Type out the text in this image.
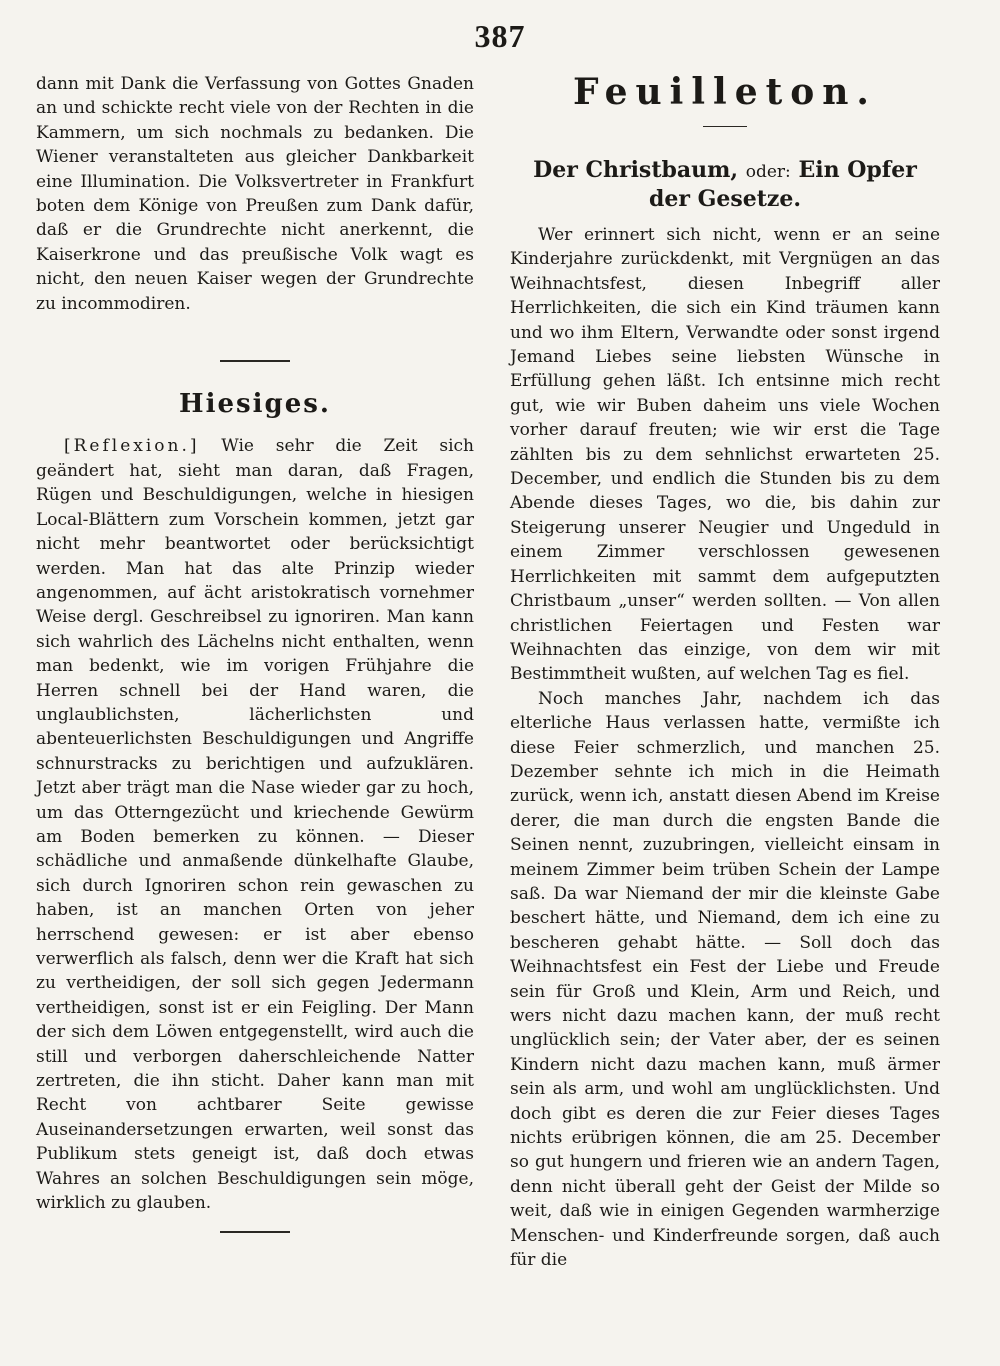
387

dann mit Dank die Verfassung von Gottes Gnaden an und schickte recht viele von der Rechten in die Kammern, um sich nochmals zu bedanken. Die Wiener veranstalteten aus gleicher Dankbarkeit eine Illumination. Die Volksvertreter in Frankfurt boten dem Könige von Preußen zum Dank dafür, daß er die Grundrechte nicht anerkennt, die Kaiserkrone und das preußische Volk wagt es nicht, den neuen Kaiser wegen der Grundrechte zu incommodiren.

Hiesiges.

[Reflexion.] Wie sehr die Zeit sich geändert hat, sieht man daran, daß Fragen, Rügen und Beschuldigungen, welche in hiesigen Local-Blättern zum Vorschein kommen, jetzt gar nicht mehr beantwortet oder berücksichtigt werden. Man hat das alte Prinzip wieder angenommen, auf ächt aristokratisch vornehmer Weise dergl. Geschreibsel zu ignoriren. Man kann sich wahrlich des Lächelns nicht enthalten, wenn man bedenkt, wie im vorigen Frühjahre die Herren schnell bei der Hand waren, die unglaublichsten, lächerlichsten und abenteuerlichsten Beschuldigungen und Angriffe schnurstracks zu berichtigen und aufzuklären. Jetzt aber trägt man die Nase wieder gar zu hoch, um das Otterngezücht und kriechende Gewürm am Boden bemerken zu können. — Dieser schädliche und anmaßende dünkelhafte Glaube, sich durch Ignoriren schon rein gewaschen zu haben, ist an manchen Orten von jeher herrschend gewesen: er ist aber ebenso verwerflich als falsch, denn wer die Kraft hat sich zu vertheidigen, der soll sich gegen Jedermann vertheidigen, sonst ist er ein Feigling. Der Mann der sich dem Löwen entgegenstellt, wird auch die still und verborgen daherschleichende Natter zertreten, die ihn sticht. Daher kann man mit Recht von achtbarer Seite gewisse Auseinandersetzungen erwarten, weil sonst das Publikum stets geneigt ist, daß doch etwas Wahres an solchen Beschuldigungen sein möge, wirklich zu glauben.

Feuilleton.
Der Christbaum, oder: Ein Opfer der Gesetze.

Wer erinnert sich nicht, wenn er an seine Kinderjahre zurückdenkt, mit Vergnügen an das Weihnachtsfest, diesen Inbegriff aller Herrlichkeiten, die sich ein Kind träumen kann und wo ihm Eltern, Verwandte oder sonst irgend Jemand Liebes seine liebsten Wünsche in Erfüllung gehen läßt. Ich entsinne mich recht gut, wie wir Buben daheim uns viele Wochen vorher darauf freuten; wie wir erst die Tage zählten bis zu dem sehnlichst erwarteten 25. December, und endlich die Stunden bis zu dem Abende dieses Tages, wo die, bis dahin zur Steigerung unserer Neugier und Ungeduld in einem Zimmer verschlossen gewesenen Herrlichkeiten mit sammt dem aufgeputzten Christbaum „unser“ werden sollten. — Von allen christlichen Feiertagen und Festen war Weihnachten das einzige, von dem wir mit Bestimmtheit wußten, auf welchen Tag es fiel.

Noch manches Jahr, nachdem ich das elterliche Haus verlassen hatte, vermißte ich diese Feier schmerzlich, und manchen 25. Dezember sehnte ich mich in die Heimath zurück, wenn ich, anstatt diesen Abend im Kreise derer, die man durch die engsten Bande die Seinen nennt, zuzubringen, vielleicht einsam in meinem Zimmer beim trüben Schein der Lampe saß. Da war Niemand der mir die kleinste Gabe beschert hätte, und Niemand, dem ich eine zu bescheren gehabt hätte. — Soll doch das Weihnachtsfest ein Fest der Liebe und Freude sein für Groß und Klein, Arm und Reich, und wers nicht dazu machen kann, der muß recht unglücklich sein; der Vater aber, der es seinen Kindern nicht dazu machen kann, muß ärmer sein als arm, und wohl am unglücklichsten. Und doch gibt es deren die zur Feier dieses Tages nichts erübrigen können, die am 25. December so gut hungern und frieren wie an andern Tagen, denn nicht überall geht der Geist der Milde so weit, daß wie in einigen Gegenden warmherzige Menschen- und Kinderfreunde sorgen, daß auch für die
